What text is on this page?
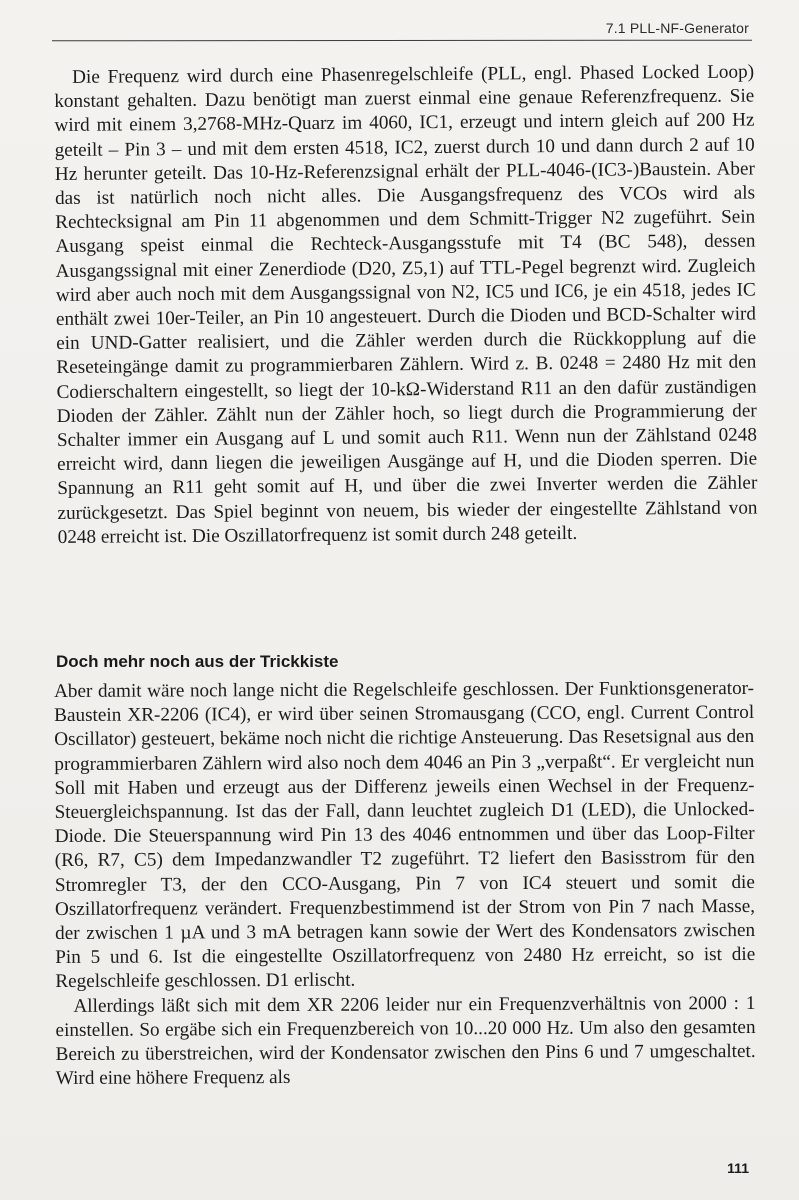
7.1 PLL-NF-Generator

Die Frequenz wird durch eine Phasenregelschleife (PLL, engl. Phased Locked Loop) konstant gehalten. Dazu benötigt man zuerst einmal eine genaue Referenzfrequenz. Sie wird mit einem 3,2768-MHz-Quarz im 4060, IC1, erzeugt und intern gleich auf 200 Hz geteilt – Pin 3 – und mit dem ersten 4518, IC2, zuerst durch 10 und dann durch 2 auf 10 Hz herunter geteilt. Das 10-Hz-Referenzsignal erhält der PLL-4046-(IC3-)Baustein. Aber das ist natürlich noch nicht alles. Die Ausgangsfrequenz des VCOs wird als Rechtecksignal am Pin 11 abgenommen und dem Schmitt-Trigger N2 zugeführt. Sein Ausgang speist einmal die Rechteck-Ausgangsstufe mit T4 (BC 548), dessen Ausgangssignal mit einer Zenerdiode (D20, Z5,1) auf TTL-Pegel begrenzt wird. Zugleich wird aber auch noch mit dem Ausgangssignal von N2, IC5 und IC6, je ein 4518, jedes IC enthält zwei 10er-Teiler, an Pin 10 angesteuert. Durch die Dioden und BCD-Schalter wird ein UND-Gatter realisiert, und die Zähler werden durch die Rückkopplung auf die Reseteingänge damit zu programmierbaren Zählern. Wird z. B. 0248 = 2480 Hz mit den Codierschaltern eingestellt, so liegt der 10-kΩ-Widerstand R11 an den dafür zuständigen Dioden der Zähler. Zählt nun der Zähler hoch, so liegt durch die Programmierung der Schalter immer ein Ausgang auf L und somit auch R11. Wenn nun der Zählstand 0248 erreicht wird, dann liegen die jeweiligen Ausgänge auf H, und die Dioden sperren. Die Spannung an R11 geht somit auf H, und über die zwei Inverter werden die Zähler zurückgesetzt. Das Spiel beginnt von neuem, bis wieder der eingestellte Zählstand von 0248 erreicht ist. Die Oszillatorfrequenz ist somit durch 248 geteilt.

Doch mehr noch aus der Trickkiste

Aber damit wäre noch lange nicht die Regelschleife geschlossen. Der Funktionsgenerator-Baustein XR-2206 (IC4), er wird über seinen Stromausgang (CCO, engl. Current Control Oscillator) gesteuert, bekäme noch nicht die richtige Ansteuerung. Das Resetsignal aus den programmierbaren Zählern wird also noch dem 4046 an Pin 3 „verpaßt“. Er vergleicht nun Soll mit Haben und erzeugt aus der Differenz jeweils einen Wechsel in der Frequenz-Steuergleichspannung. Ist das der Fall, dann leuchtet zugleich D1 (LED), die Unlocked-Diode. Die Steuerspannung wird Pin 13 des 4046 entnommen und über das Loop-Filter (R6, R7, C5) dem Impedanzwandler T2 zugeführt. T2 liefert den Basisstrom für den Stromregler T3, der den CCO-Ausgang, Pin 7 von IC4 steuert und somit die Oszillatorfrequenz verändert. Frequenzbestimmend ist der Strom von Pin 7 nach Masse, der zwischen 1 µA und 3 mA betragen kann sowie der Wert des Kondensators zwischen Pin 5 und 6. Ist die eingestellte Oszillatorfrequenz von 2480 Hz erreicht, so ist die Regelschleife geschlossen. D1 erlischt.

Allerdings läßt sich mit dem XR 2206 leider nur ein Frequenzverhältnis von 2000 : 1 einstellen. So ergäbe sich ein Frequenzbereich von 10...20 000 Hz. Um also den gesamten Bereich zu überstreichen, wird der Kondensator zwischen den Pins 6 und 7 umgeschaltet. Wird eine höhere Frequenz als

111
